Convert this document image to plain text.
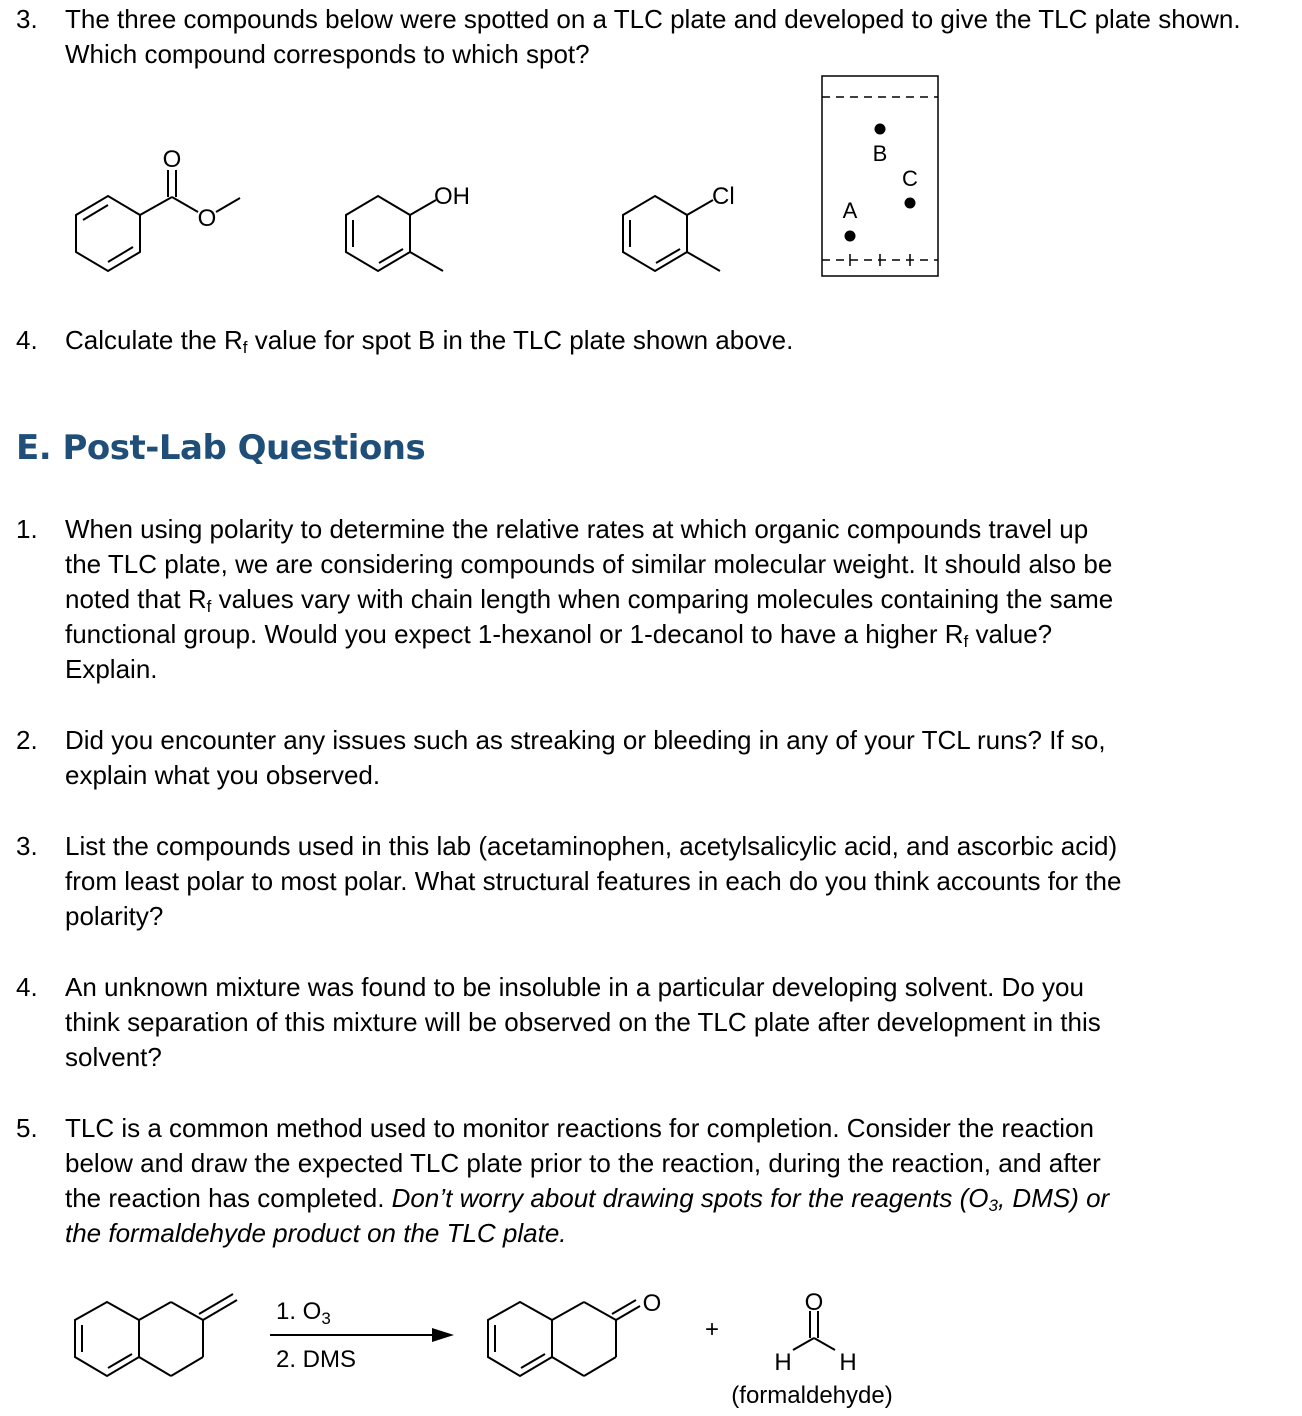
3. The three compounds below were spotted on a TLC plate and developed to give the TLC plate shown. Which compound corresponds to which spot?
O
O
OH	Cl
A
B
C
4. Calculate the $R_f$ value for spot B in the TLC plate shown above.
E. Post-Lab Questions
1. When using polarity to determine the relative rates at which organic compounds travel up
the TLC plate, we are considering compounds of similar molecular weight. It should also be
noted that $R_f$ values vary with chain length when comparing molecules containing the same
functional group. Would you expect 1-hexanol or 1-decanol to have a higher $R_f$ value?
Explain.
2. Did you encounter any issues such as streaking or bleeding in any of your TCL runs? If so,
explain what you observed.
3. List the compounds used in this lab (acetaminophen, acetylsalicylic acid, and ascorbic acid)
from least polar to most polar. What structural features in each do you think accounts for the
polarity?
4. An unknown mixture was found to be insoluble in a particular developing solvent. Do you
think separation of this mixture will be observed on the TLC plate after development in this
solvent?
5. TLC is a common method used to monitor reactions for completion. Consider the reaction
below and draw the expected TLC plate prior to the reaction, during the reaction, and after
the reaction has completed. Don’t worry about drawing spots for the reagents ($O_3$, DMS) or
the formaldehyde product on the TLC plate.
1. $O_3$
2. DMS
O
+
O
H H
(formaldehyde)
